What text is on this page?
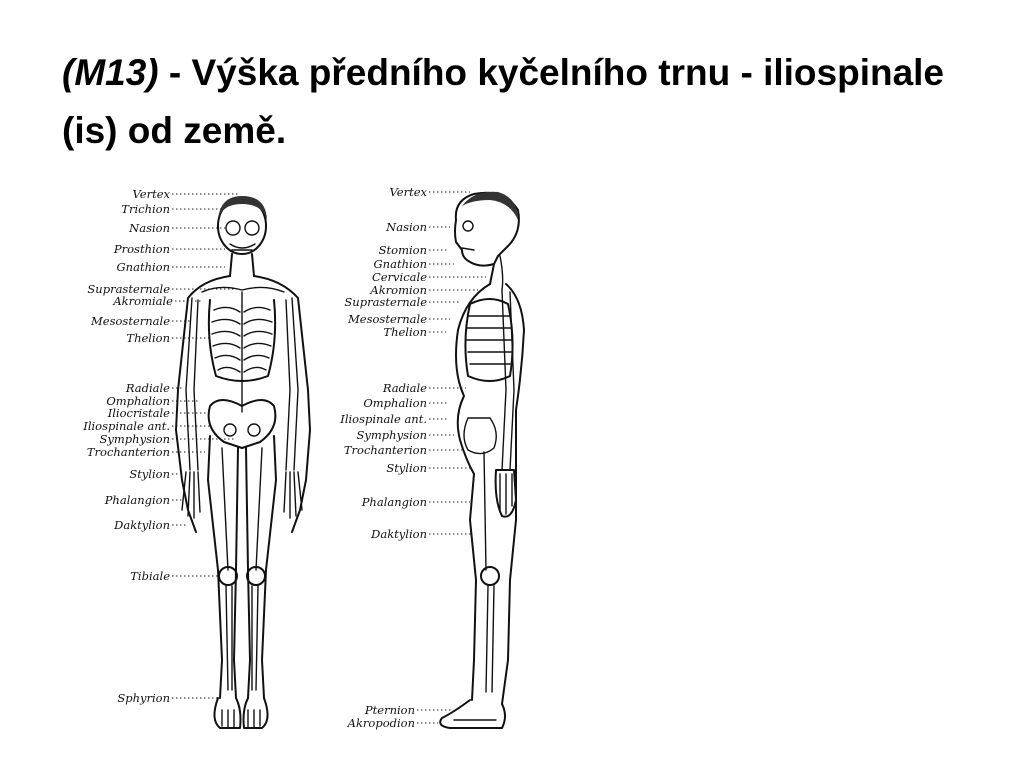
(M13) - Výška předního kyčelního trnu - iliospinale (is) od země.
Vertex
Trichion
Nasion
Prosthion
Gnathion
Suprasternale
Akromiale
Mesosternale
Thelion
Radiale
Omphalion
Iliocristale
Iliospinale ant.
Symphysion
Trochanterion
Stylion
Phalangion
Daktylion
Tibiale
Sphyrion
Vertex
Nasion
Stomion
Gnathion
Cervicale
Akromion
Suprasternale
Mesosternale
Thelion
Radiale
Omphalion
Iliospinale ant.
Symphysion
Trochanterion
Stylion
Phalangion
Daktylion
Pternion
Akropodion
